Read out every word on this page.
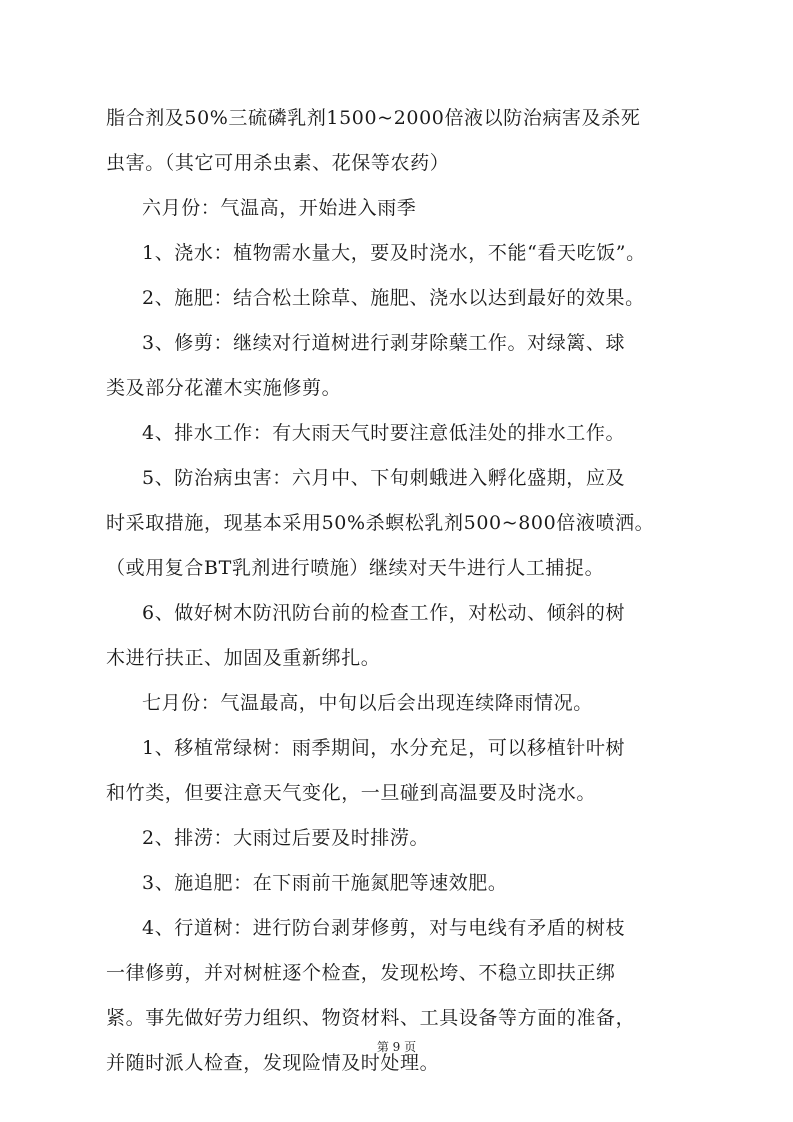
脂合剂及50%三硫磷乳剂1500~2000倍液以防治病害及杀死
虫害。（其它可用杀虫素、花保等农药）
六月份：气温高，开始进入雨季
1、浇水：植物需水量大，要及时浇水，不能“看天吃饭”。
2、施肥：结合松土除草、施肥、浇水以达到最好的效果。
3、修剪：继续对行道树进行剥芽除蘖工作。对绿篱、球
类及部分花灌木实施修剪。
4、排水工作：有大雨天气时要注意低洼处的排水工作。
5、防治病虫害：六月中、下旬刺蛾进入孵化盛期，应及
时采取措施，现基本采用50%杀螟松乳剂500~800倍液喷洒。
（或用复合BT乳剂进行喷施）继续对天牛进行人工捕捉。
6、做好树木防汛防台前的检查工作，对松动、倾斜的树
木进行扶正、加固及重新绑扎。
七月份：气温最高，中旬以后会出现连续降雨情况。
1、移植常绿树：雨季期间，水分充足，可以移植针叶树
和竹类，但要注意天气变化，一旦碰到高温要及时浇水。
2、排涝：大雨过后要及时排涝。
3、施追肥：在下雨前干施氮肥等速效肥。
4、行道树：进行防台剥芽修剪，对与电线有矛盾的树枝
一律修剪，并对树桩逐个检查，发现松垮、不稳立即扶正绑
紧。事先做好劳力组织、物资材料、工具设备等方面的准备，
并随时派人检查，发现险情及时处理。
第 9 页
